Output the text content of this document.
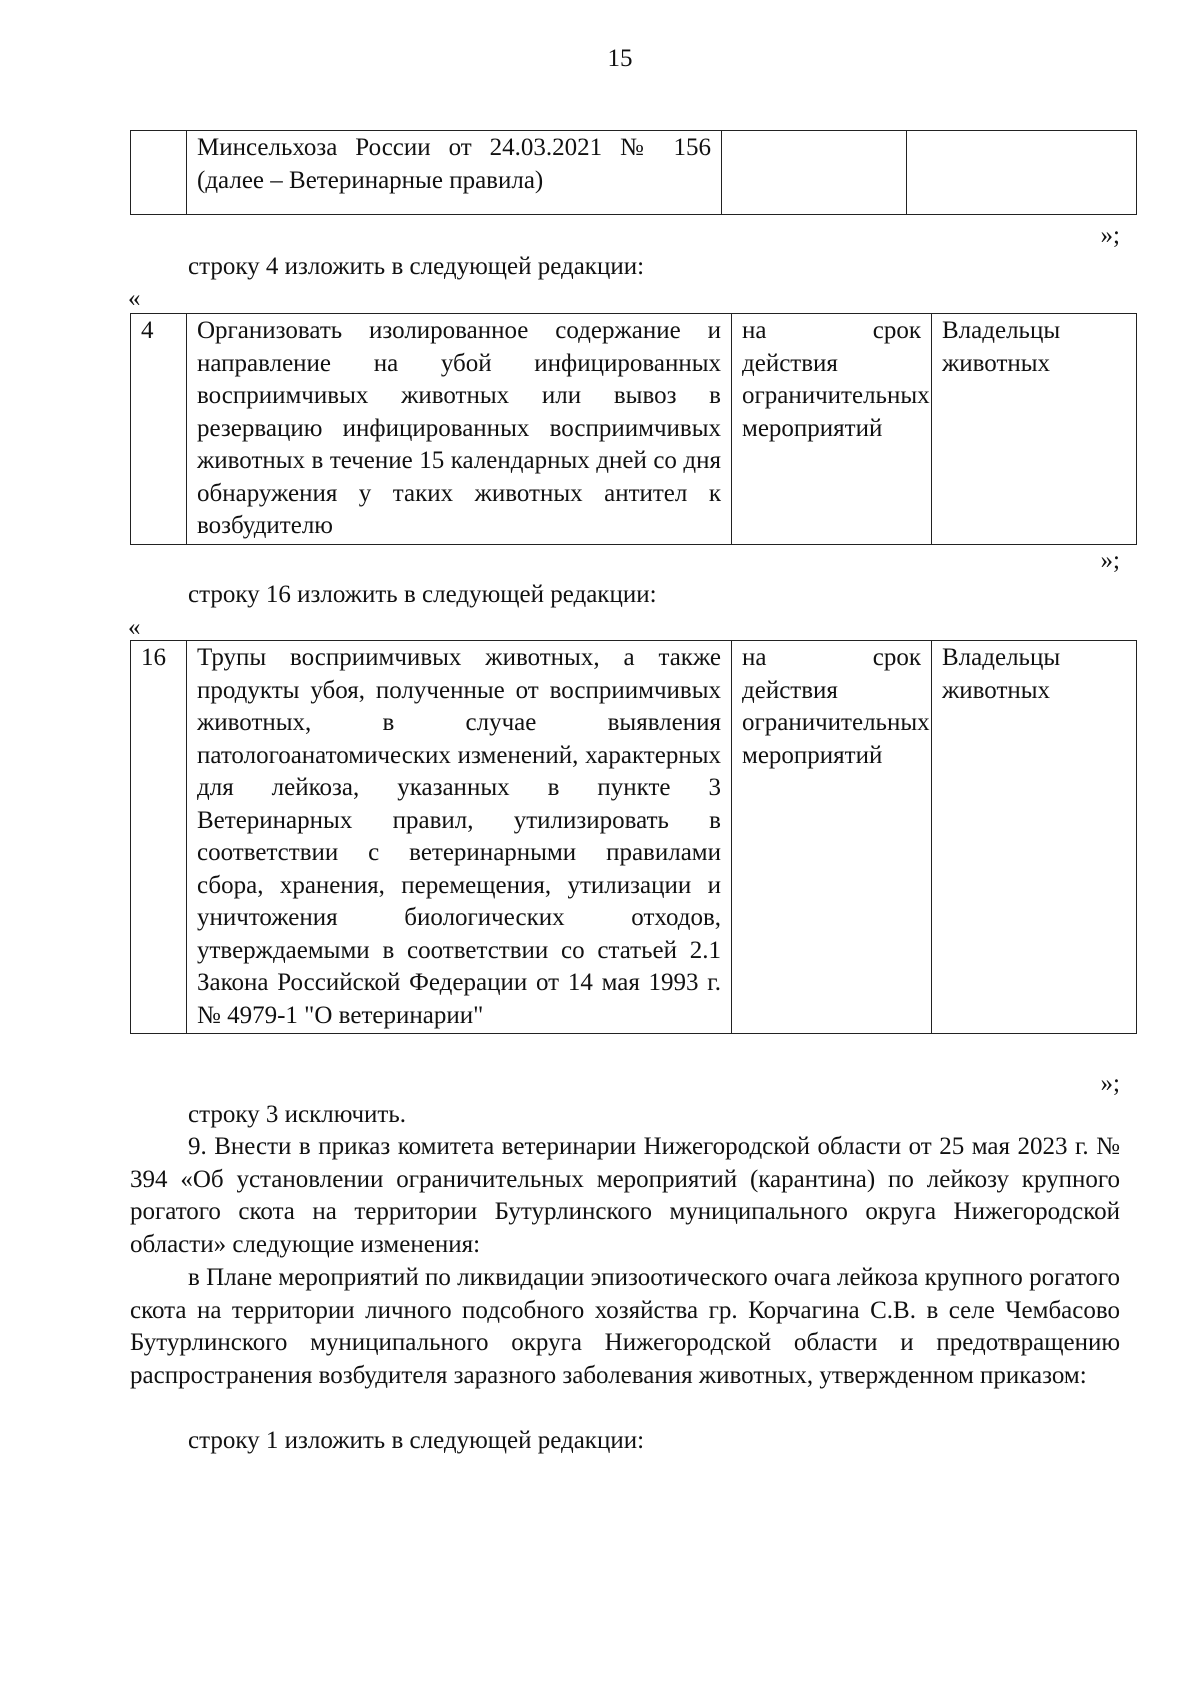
15
	Минсельхоза России от 24.03.2021 № 156 (далее – Ветеринарные правила)		
»;
строку 4 изложить в следующей редакции:
«
4	Организовать изолированное содержание и направление на убой инфицированных восприимчивых животных или вывоз в резервацию инфицированных восприимчивых животных в течение 15 календарных дней со дня обнаружения у таких животных антител к возбудителю	на срок действия ограничительных мероприятий	Владельцы животных
»;
строку 16 изложить в следующей редакции:
«
16	Трупы восприимчивых животных, а также продукты убоя, полученные от восприимчивых животных, в случае выявления патологоанатомических изменений, характерных для лейкоза, указанных в пункте 3 Ветеринарных правил, утилизировать в соответствии с ветеринарными правилами сбора, хранения, перемещения, утилизации и уничтожения биологических отходов, утверждаемыми в соответствии со статьей 2.1 Закона Российской Федерации от 14 мая 1993 г. № 4979-1 "О ветеринарии"	на срок действия ограничительных мероприятий	Владельцы животных
»;
строку 3 исключить.
9. Внести в приказ комитета ветеринарии Нижегородской области от 25 мая 2023 г. № 394 «Об установлении ограничительных мероприятий (карантина) по лейкозу крупного рогатого скота на территории Бутурлинского муниципального округа Нижегородской области» следующие изменения:
в Плане мероприятий по ликвидации эпизоотического очага лейкоза крупного рогатого скота на территории личного подсобного хозяйства гр. Корчагина С.В. в селе Чембасово Бутурлинского муниципального округа Нижегородской области и предотвращению распространения возбудителя заразного заболевания животных, утвержденном приказом:
строку 1 изложить в следующей редакции:
